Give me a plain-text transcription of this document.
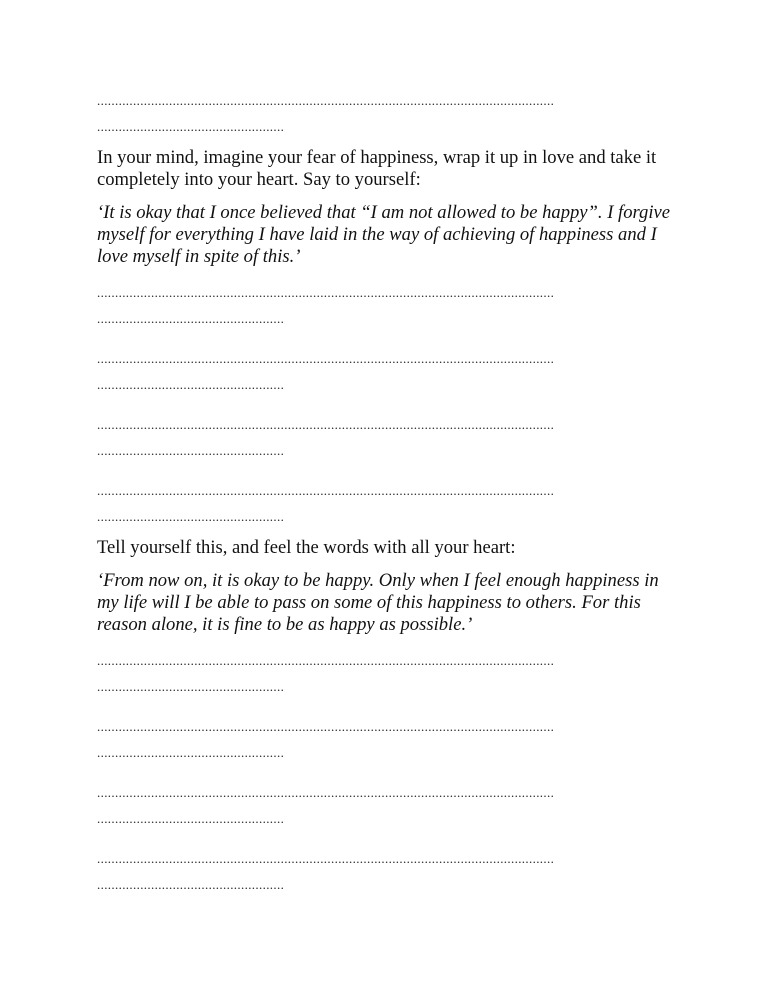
...............................................................................................................................
....................................................

In your mind, imagine your fear of happiness, wrap it up in love and take it completely into your heart. Say to yourself:

‘It is okay that I once believed that “I am not allowed to be happy”. I forgive myself for everything I have laid in the way of achieving of happiness and I love myself in spite of this.’

...............................................................................................................................
....................................................
...............................................................................................................................
....................................................
...............................................................................................................................
....................................................
...............................................................................................................................
....................................................

Tell yourself this, and feel the words with all your heart:

‘From now on, it is okay to be happy. Only when I feel enough happiness in my life will I be able to pass on some of this happiness to others. For this reason alone, it is fine to be as happy as possible.’

...............................................................................................................................
....................................................
...............................................................................................................................
....................................................
...............................................................................................................................
....................................................
...............................................................................................................................
....................................................
